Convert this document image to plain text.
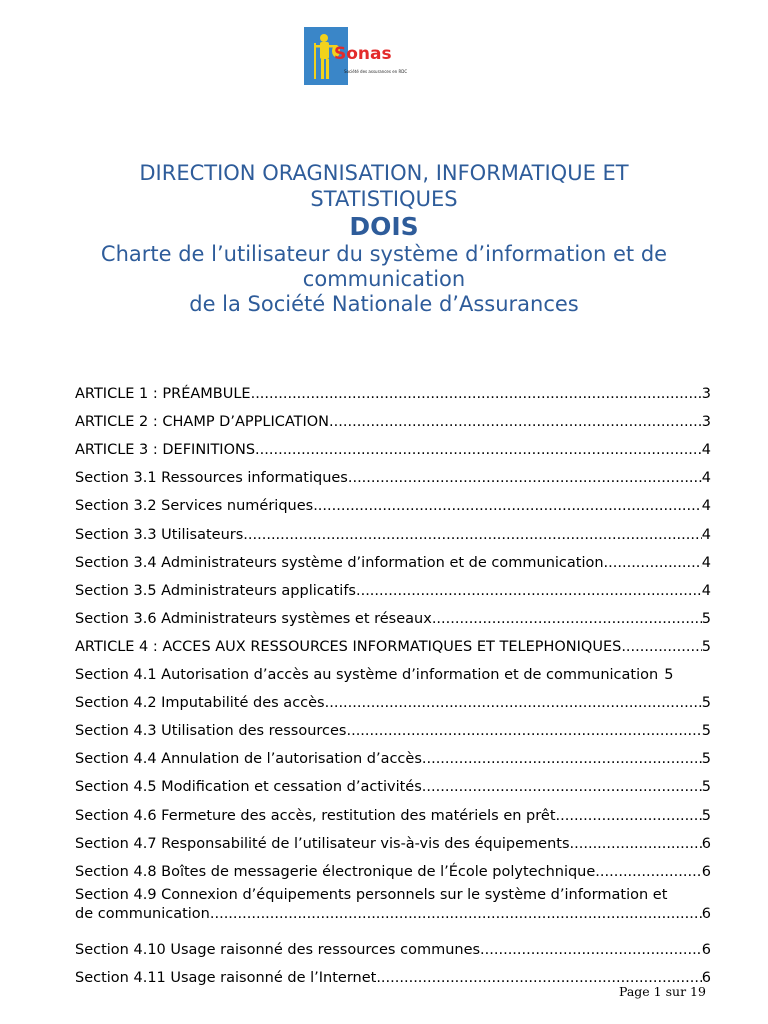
Sonas
Société des assurances en RDC
DIRECTION ORAGNISATION, INFORMATIQUE ET STATISTIQUES
DOIS
Charte de l’utilisateur du système d’information et de communication
de la Société Nationale d’Assurances
ARTICLE 1 : PRÉAMBULE .....	3
ARTICLE 2 : CHAMP D’APPLICATION .....	3
ARTICLE 3 : DEFINITIONS .....	4
Section 3.1 Ressources informatiques .....	4
Section 3.2 Services numériques .....	4
Section 3.3 Utilisateurs .....	4
Section 3.4 Administrateurs système d’information et de communication .....	4
Section 3.5 Administrateurs applicatifs .....	4
Section 3.6 Administrateurs systèmes et réseaux .....	5
ARTICLE 4 : ACCES AUX RESSOURCES INFORMATIQUES ET TELEPHONIQUES .....	5
Section 4.1 Autorisation d’accès au système d’information et de communication 5
Section 4.2 Imputabilité des accès .....	5
Section 4.3 Utilisation des ressources .....	5
Section 4.4 Annulation de l’autorisation d’accès .....	5
Section 4.5 Modification et cessation d’activités .....	5
Section 4.6 Fermeture des accès, restitution des matériels en prêt .....	5
Section 4.7 Responsabilité de l’utilisateur vis-à-vis des équipements .....	6
Section 4.8 Boîtes de messagerie électronique de l’École polytechnique .....	6
Section 4.9 Connexion d’équipements personnels sur le système d’information et
de communication .....	6
Section 4.10 Usage raisonné des ressources communes .....	6
Section 4.11 Usage raisonné de l’Internet .....	6
Page 1 sur 19
